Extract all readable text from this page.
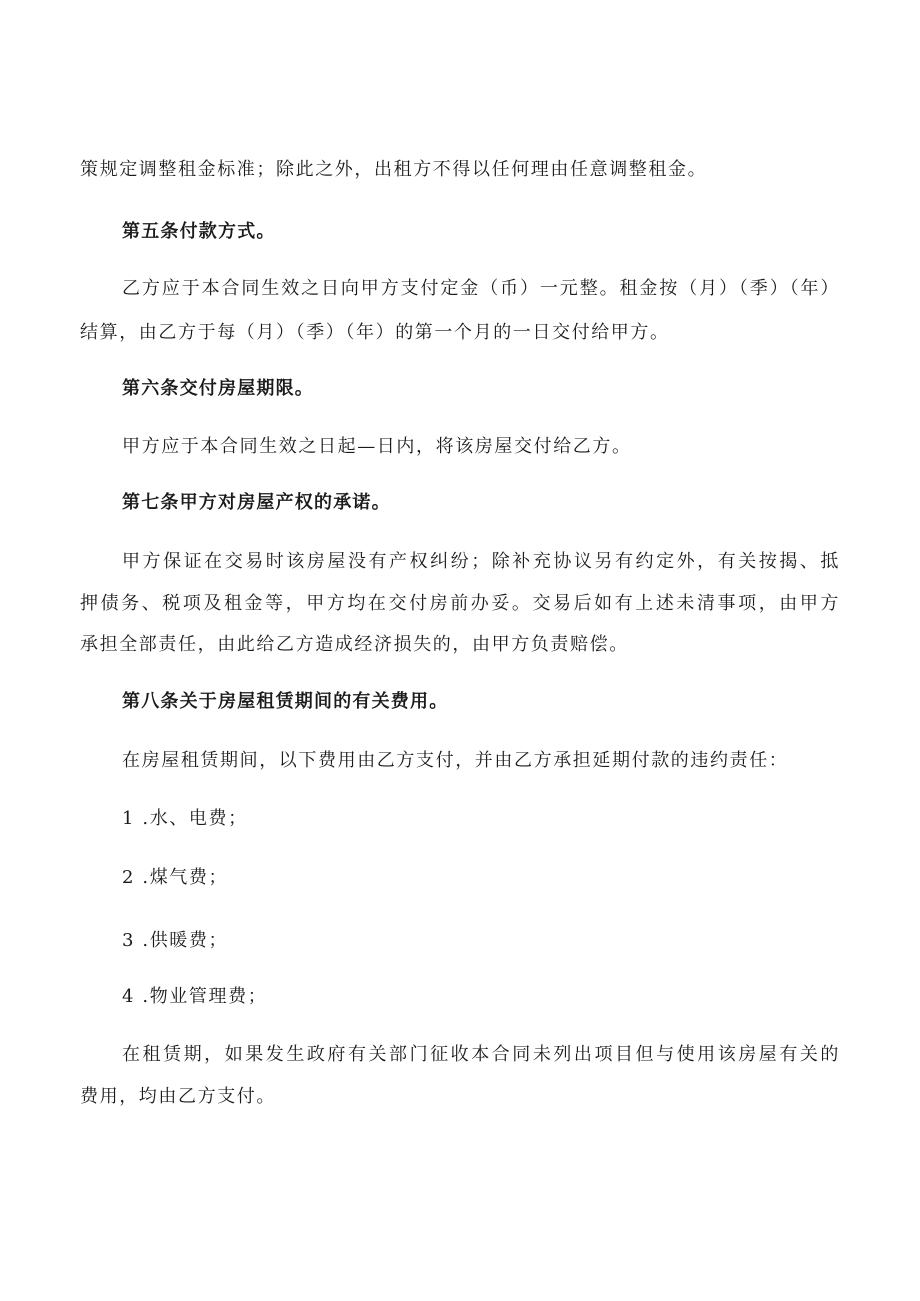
策规定调整租金标准；除此之外，出租方不得以任何理由任意调整租金。
第五条付款方式。
乙方应于本合同生效之日向甲方支付定金（币）一元整。租金按（月）（季）（年）
结算，由乙方于每（月）（季）（年）的第一个月的一日交付给甲方。
第六条交付房屋期限。
甲方应于本合同生效之日起—日内，将该房屋交付给乙方。
第七条甲方对房屋产权的承诺。
甲方保证在交易时该房屋没有产权纠纷；除补充协议另有约定外，有关按揭、抵
押债务、税项及租金等，甲方均在交付房前办妥。交易后如有上述未清事项，由甲方
承担全部责任，由此给乙方造成经济损失的，由甲方负责赔偿。
第八条关于房屋租赁期间的有关费用。
在房屋租赁期间，以下费用由乙方支付，并由乙方承担延期付款的违约责任：
1 .水、电费；
2 .煤气费；
3 .供暖费；
4 .物业管理费；
在租赁期，如果发生政府有关部门征收本合同未列出项目但与使用该房屋有关的
费用，均由乙方支付。
